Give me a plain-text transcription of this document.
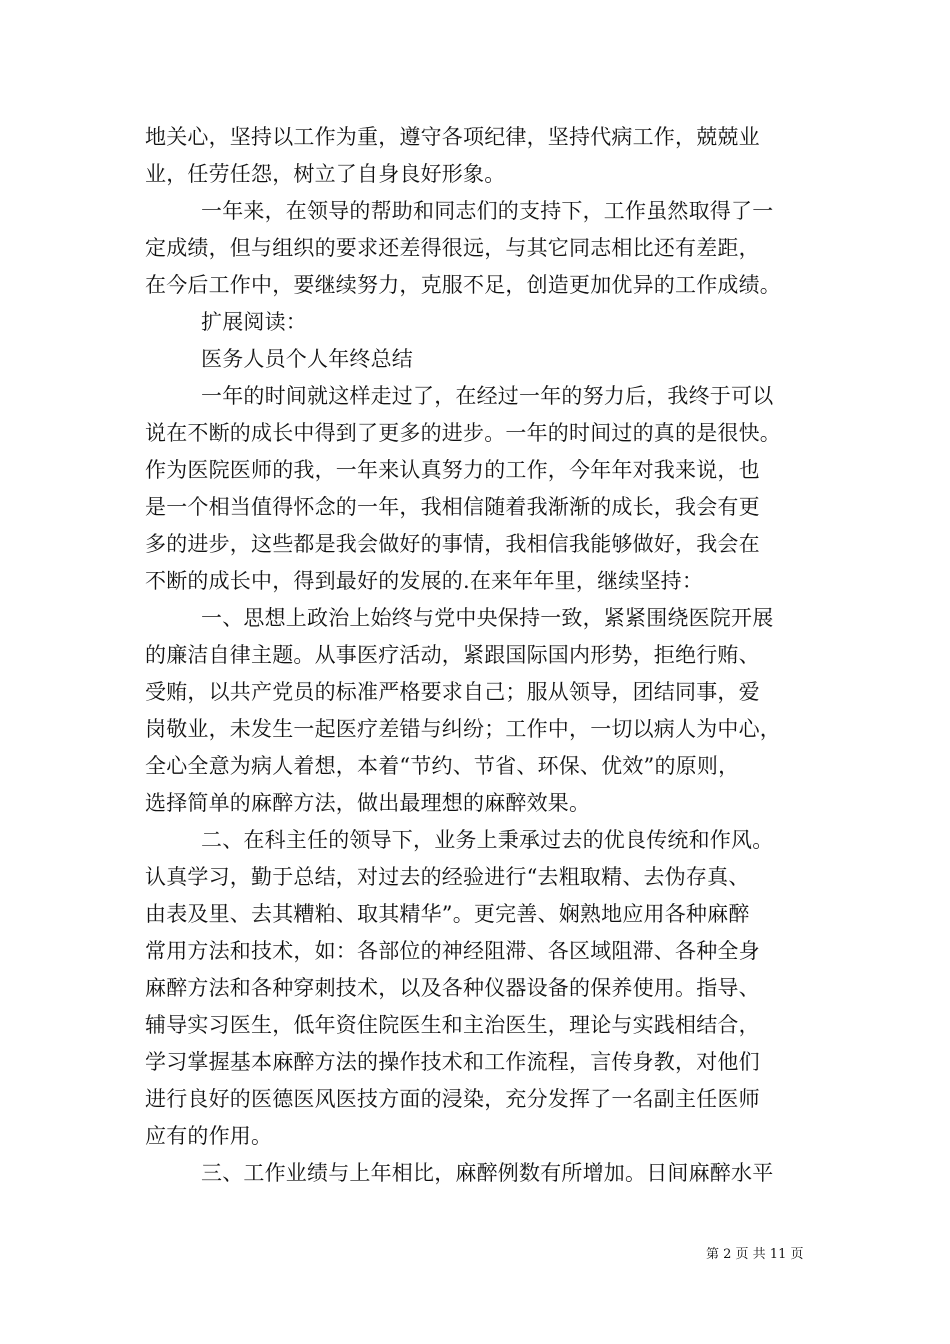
地关心，坚持以工作为重，遵守各项纪律，坚持代病工作，兢兢业
业，任劳任怨，树立了自身良好形象。
一年来，在领导的帮助和同志们的支持下，工作虽然取得了一
定成绩，但与组织的要求还差得很远，与其它同志相比还有差距，
在今后工作中，要继续努力，克服不足，创造更加优异的工作成绩。
扩展阅读：
医务人员个人年终总结
一年的时间就这样走过了，在经过一年的努力后，我终于可以
说在不断的成长中得到了更多的进步。一年的时间过的真的是很快。
作为医院医师的我，一年来认真努力的工作，今年年对我来说，也
是一个相当值得怀念的一年，我相信随着我渐渐的成长，我会有更
多的进步，这些都是我会做好的事情，我相信我能够做好，我会在
不断的成长中，得到最好的发展的.在来年年里，继续坚持：
一、思想上政治上始终与党中央保持一致，紧紧围绕医院开展
的廉洁自律主题。从事医疗活动，紧跟国际国内形势，拒绝行贿、
受贿，以共产党员的标准严格要求自己；服从领导，团结同事，爱
岗敬业，未发生一起医疗差错与纠纷；工作中，一切以病人为中心，
全心全意为病人着想，本着“节约、节省、环保、优效”的原则，
选择简单的麻醉方法，做出最理想的麻醉效果。
二、在科主任的领导下，业务上秉承过去的优良传统和作风。
认真学习，勤于总结，对过去的经验进行“去粗取精、去伪存真、
由表及里、去其糟粕、取其精华”。更完善、娴熟地应用各种麻醉
常用方法和技术，如：各部位的神经阻滞、各区域阻滞、各种全身
麻醉方法和各种穿刺技术，以及各种仪器设备的保养使用。指导、
辅导实习医生，低年资住院医生和主治医生，理论与实践相结合，
学习掌握基本麻醉方法的操作技术和工作流程，言传身教，对他们
进行良好的医德医风医技方面的浸染，充分发挥了一名副主任医师
应有的作用。
三、工作业绩与上年相比，麻醉例数有所增加。日间麻醉水平
第 2 页 共 11 页
